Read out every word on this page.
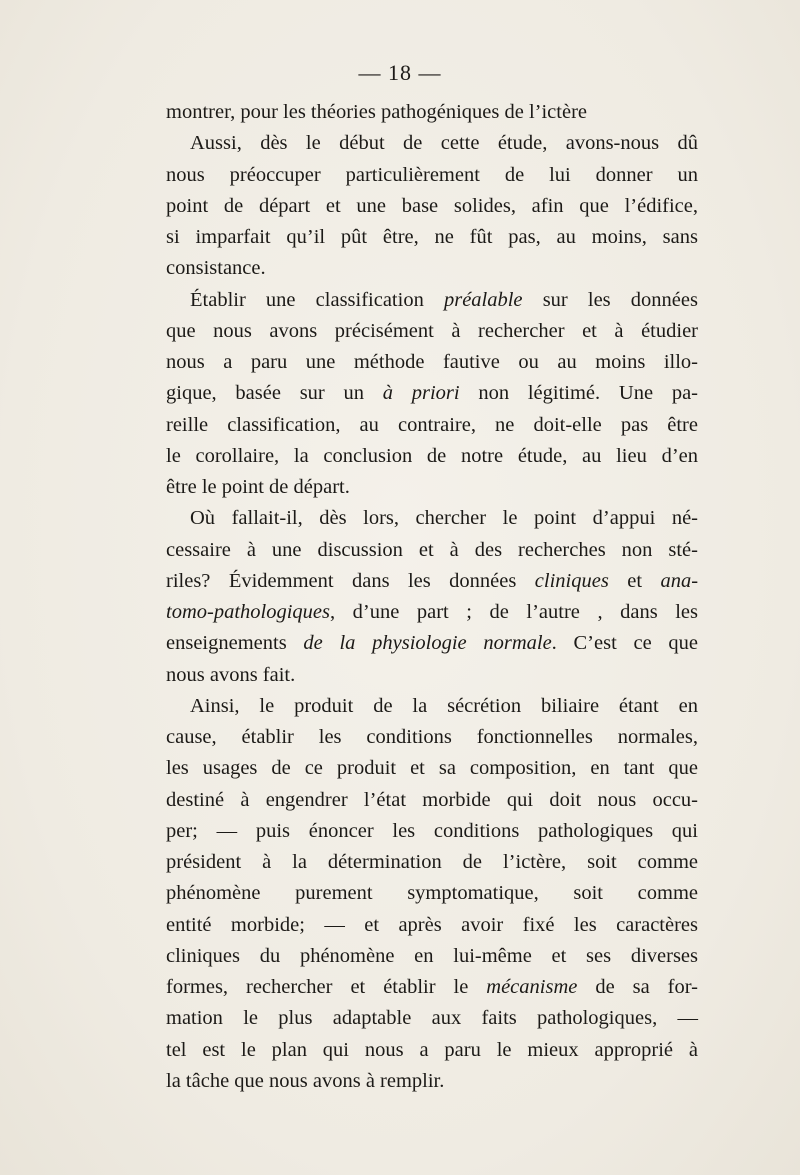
— 18 —
montrer, pour les théories pathogéniques de l’ictère
Aussi, dès le début de cette étude, avons-nous dû
nous préoccuper particulièrement de lui donner un
point de départ et une base solides, afin que l’édifice,
si imparfait qu’il pût être, ne fût pas, au moins, sans
consistance.
Établir une classification préalable sur les données
que nous avons précisément à rechercher et à étudier
nous a paru une méthode fautive ou au moins illo-
gique, basée sur un à priori non légitimé. Une pa-
reille classification, au contraire, ne doit-elle pas être
le corollaire, la conclusion de notre étude, au lieu d’en
être le point de départ.
Où fallait-il, dès lors, chercher le point d’appui né-
cessaire à une discussion et à des recherches non sté-
riles? Évidemment dans les données cliniques et ana-
tomo-pathologiques, d’une part ; de l’autre , dans les
enseignements de la physiologie normale. C’est ce que
nous avons fait.
Ainsi, le produit de la sécrétion biliaire étant en
cause, établir les conditions fonctionnelles normales,
les usages de ce produit et sa composition, en tant que
destiné à engendrer l’état morbide qui doit nous occu-
per; — puis énoncer les conditions pathologiques qui
président à la détermination de l’ictère, soit comme
phénomène purement symptomatique, soit comme
entité morbide; — et après avoir fixé les caractères
cliniques du phénomène en lui-même et ses diverses
formes, rechercher et établir le mécanisme de sa for-
mation le plus adaptable aux faits pathologiques, —
tel est le plan qui nous a paru le mieux approprié à
la tâche que nous avons à remplir.
